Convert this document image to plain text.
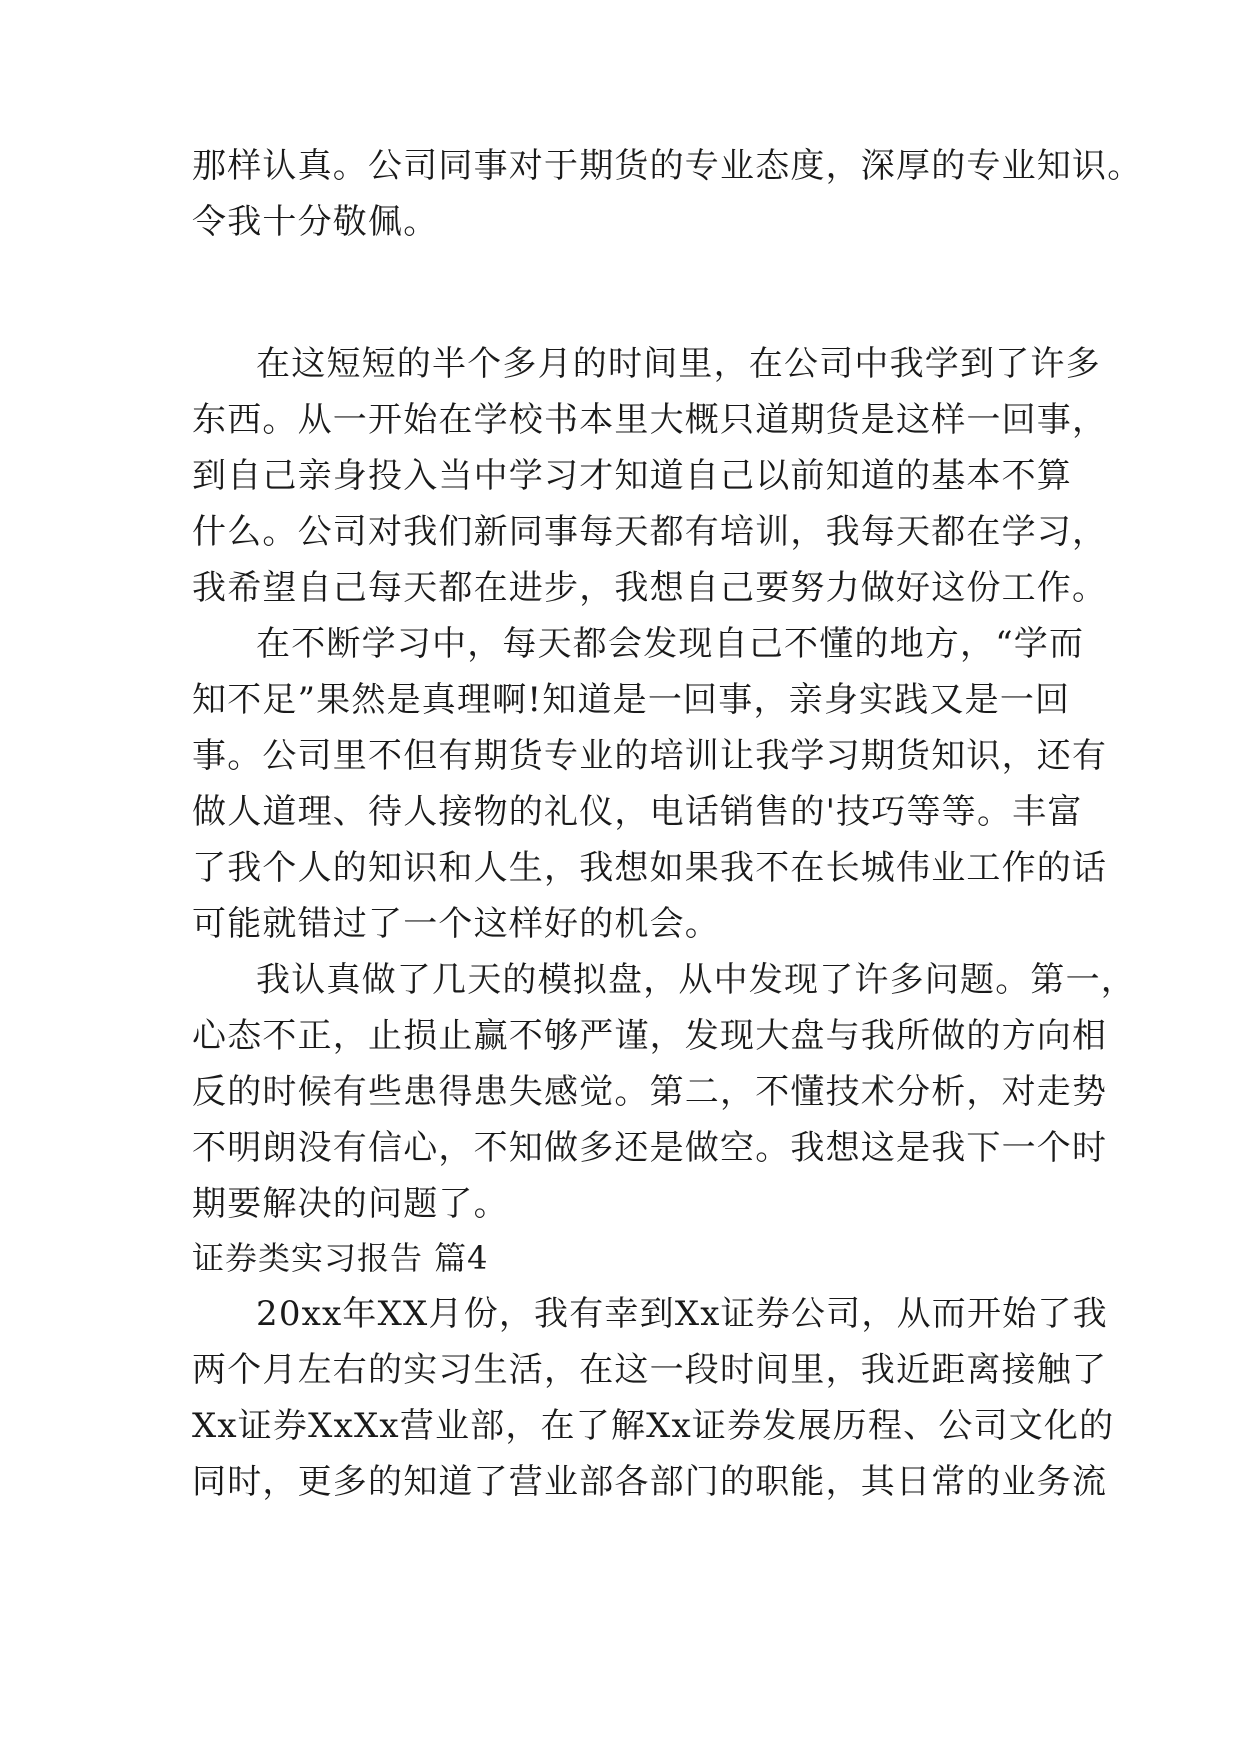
那样认真。公司同事对于期货的专业态度，深厚的专业知识。
令我十分敬佩。
在这短短的半个多月的时间里，在公司中我学到了许多
东西。从一开始在学校书本里大概只道期货是这样一回事，
到自己亲身投入当中学习才知道自己以前知道的基本不算
什么。公司对我们新同事每天都有培训，我每天都在学习，
我希望自己每天都在进步，我想自己要努力做好这份工作。
在不断学习中，每天都会发现自己不懂的地方，“学而
知不足”果然是真理啊!知道是一回事，亲身实践又是一回
事。公司里不但有期货专业的培训让我学习期货知识，还有
做人道理、待人接物的礼仪，电话销售的'技巧等等。丰富
了我个人的知识和人生，我想如果我不在长城伟业工作的话
可能就错过了一个这样好的机会。
我认真做了几天的模拟盘，从中发现了许多问题。第一，
心态不正，止损止赢不够严谨，发现大盘与我所做的方向相
反的时候有些患得患失感觉。第二，不懂技术分析，对走势
不明朗没有信心，不知做多还是做空。我想这是我下一个时
期要解决的问题了。
证券类实习报告 篇4
20xx年XX月份，我有幸到Xx证券公司，从而开始了我
两个月左右的实习生活，在这一段时间里，我近距离接触了
Xx证券XxXx营业部，在了解Xx证券发展历程、公司文化的
同时，更多的知道了营业部各部门的职能，其日常的业务流
